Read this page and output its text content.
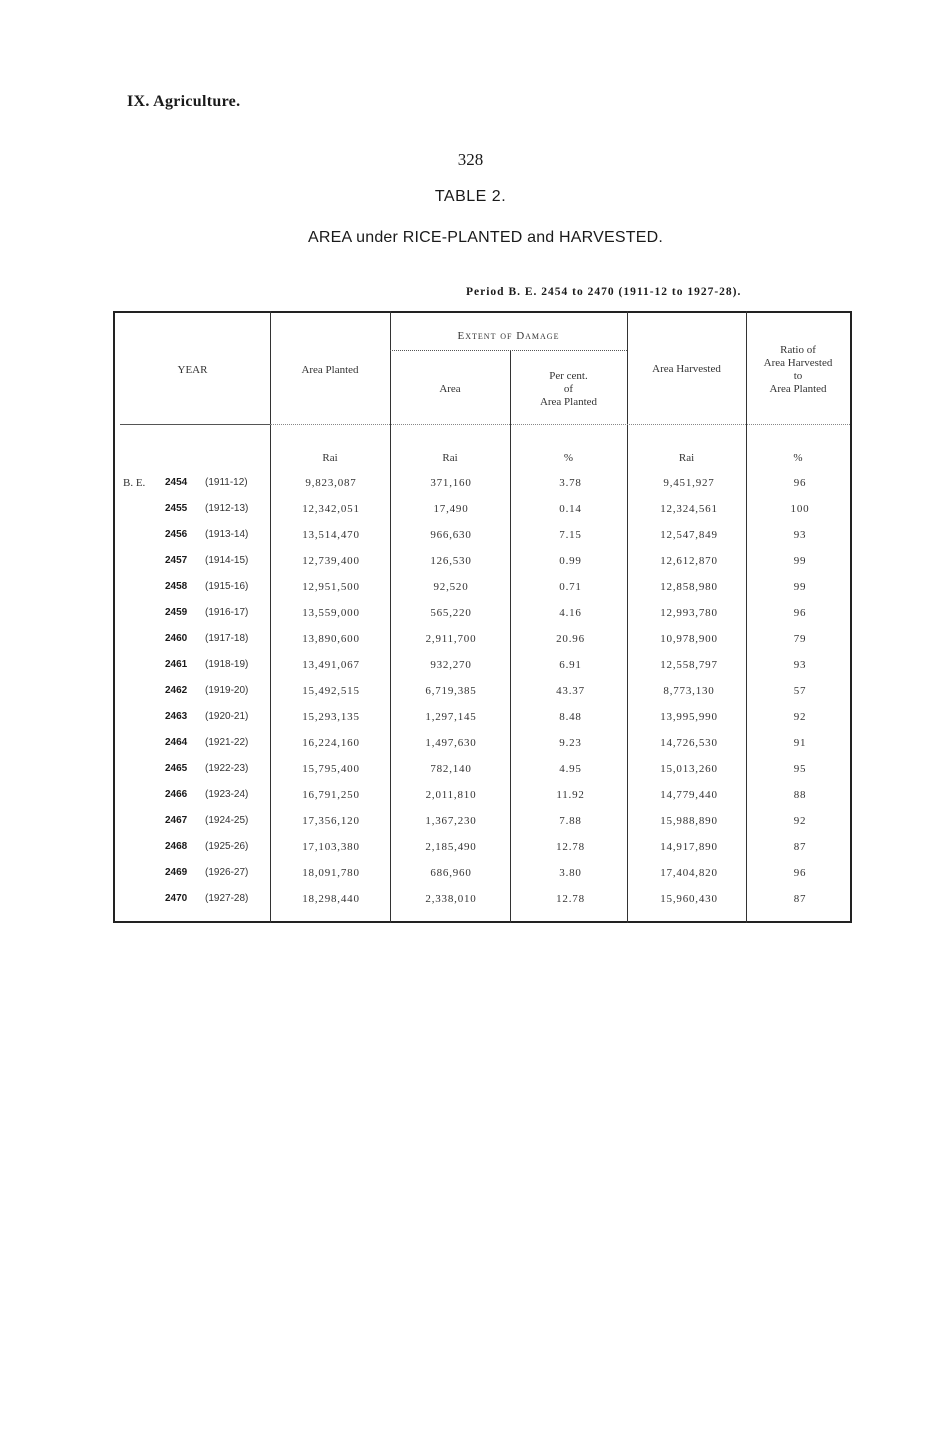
IX. Agriculture.
328
TABLE 2.
AREA under RICE-PLANTED and HARVESTED.
Period B. E. 2454 to 2470 (1911-12 to 1927-28).
YEAR	Area Planted
Extent of Damage
Area
Per cent.
of
Area Planted
Area Harvested
Ratio of
Area Harvested
to
Area Planted
Rai	Rai	%	Rai	%
B. E. 2454 (1911-12)	9,823,087	371,160	3.78	9,451,927	96
2455 (1912-13)	12,342,051	17,490	0.14	12,324,561	100
2456 (1913-14)	13,514,470	966,630	7.15	12,547,849	93
2457 (1914-15)	12,739,400	126,530	0.99	12,612,870	99
2458 (1915-16)	12,951,500	92,520	0.71	12,858,980	99
2459 (1916-17)	13,559,000	565,220	4.16	12,993,780	96
2460 (1917-18)	13,890,600	2,911,700	20.96	10,978,900	79
2461 (1918-19)	13,491,067	932,270	6.91	12,558,797	93
2462 (1919-20)	15,492,515	6,719,385	43.37	8,773,130	57
2463 (1920-21)	15,293,135	1,297,145	8.48	13,995,990	92
2464 (1921-22)	16,224,160	1,497,630	9.23	14,726,530	91
2465 (1922-23)	15,795,400	782,140	4.95	15,013,260	95
2466 (1923-24)	16,791,250	2,011,810	11.92	14,779,440	88
2467 (1924-25)	17,356,120	1,367,230	7.88	15,988,890	92
2468 (1925-26)	17,103,380	2,185,490	12.78	14,917,890	87
2469 (1926-27)	18,091,780	686,960	3.80	17,404,820	96
2470 (1927-28)	18,298,440	2,338,010	12.78	15,960,430	87
